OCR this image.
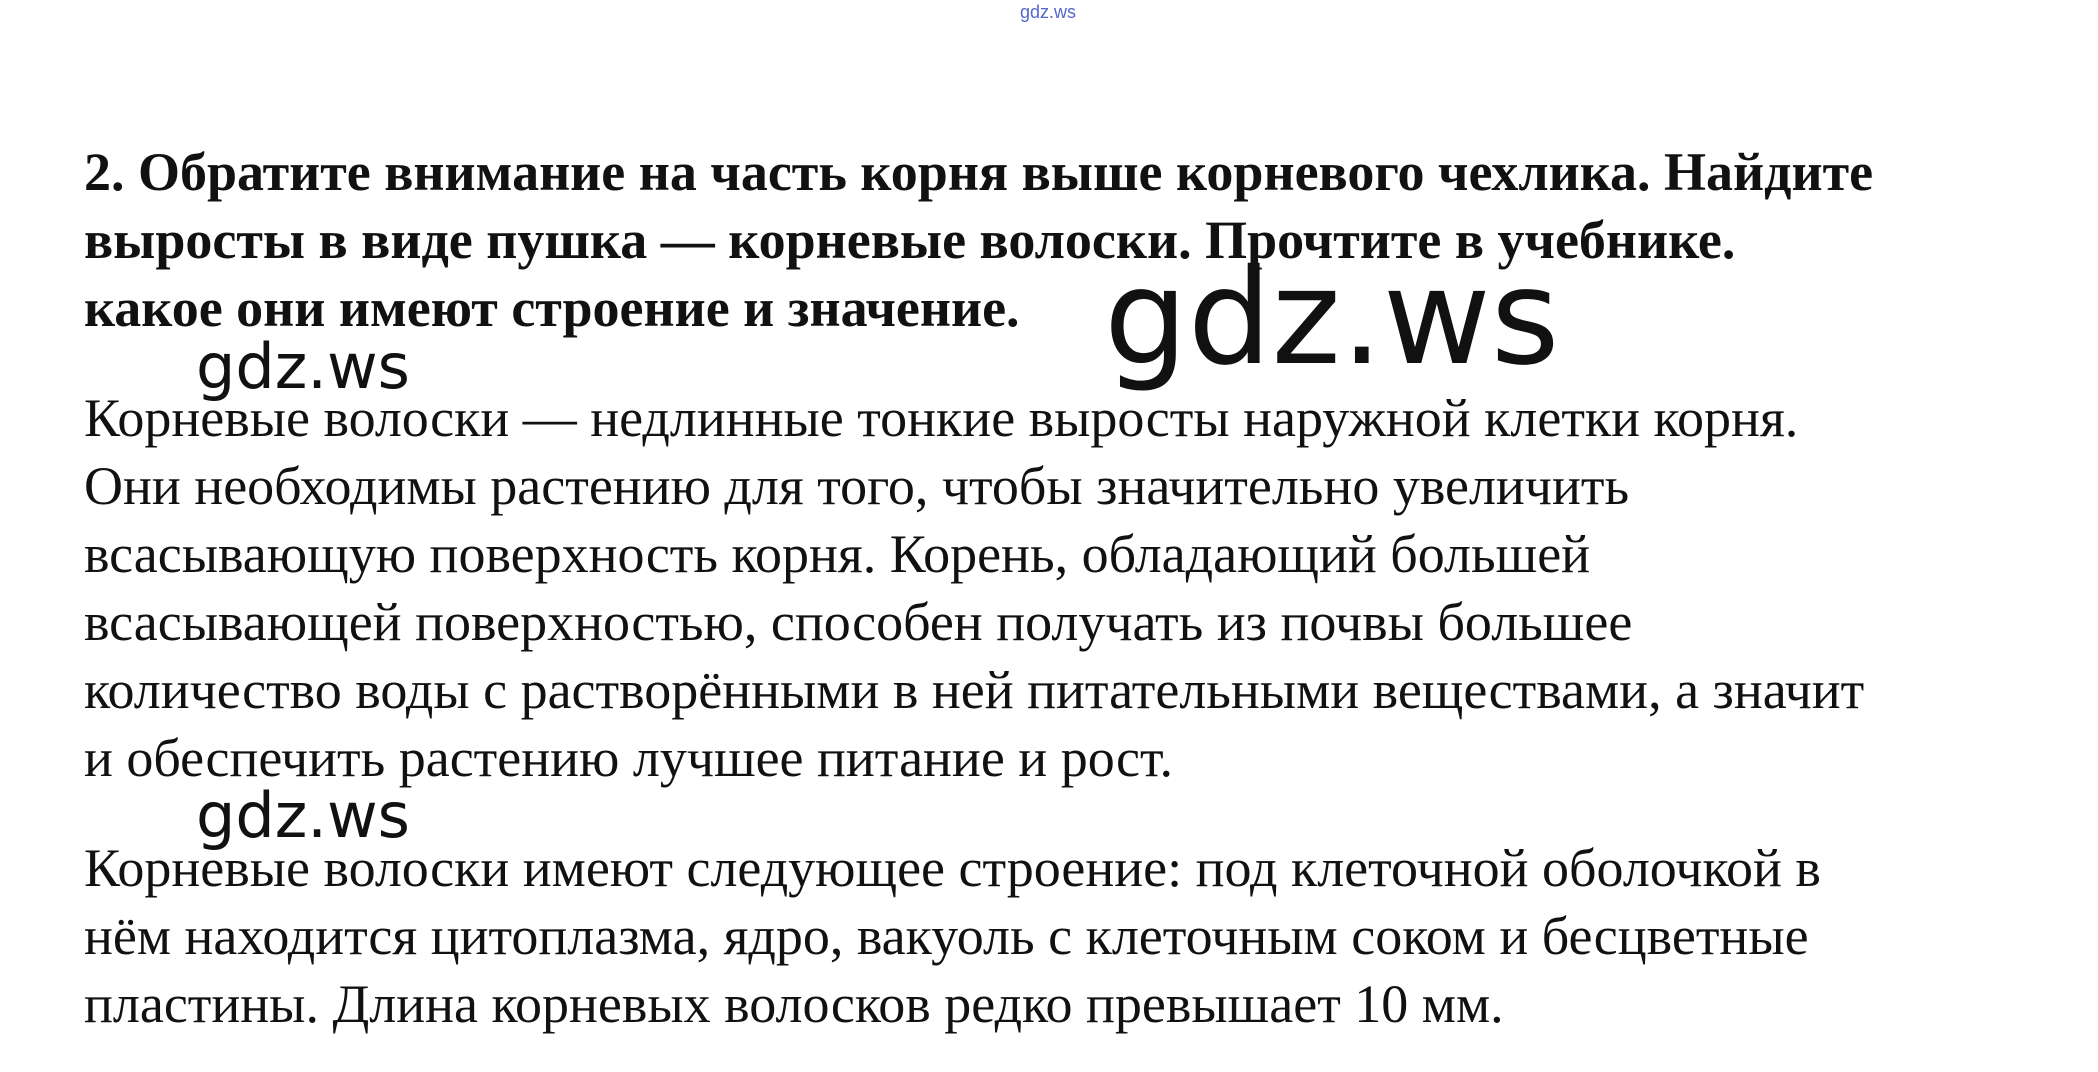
gdz.ws
2. Обратите внимание на часть корня выше корневого чехлика. Найдите
выросты в виде пушка — корневые волоски. Прочтите в учебнике.
какое они имеют строение и значение.
Корневые волоски — недлинные тонкие выросты наружной клетки корня.
Они необходимы растению для того, чтобы значительно увеличить
всасывающую поверхность корня. Корень, обладающий большей
всасывающей поверхностью, способен получать из почвы большее
количество воды с растворёнными в ней питательными веществами, а значит
и обеспечить растению лучшее питание и рост.
Корневые волоски имеют следующее строение: под клеточной оболочкой в
нём находится цитоплазма, ядро, вакуоль с клеточным соком и бесцветные
пластины. Длина корневых волосков редко превышает 10 мм.
gdz.ws
gdz.ws
gdz.ws
